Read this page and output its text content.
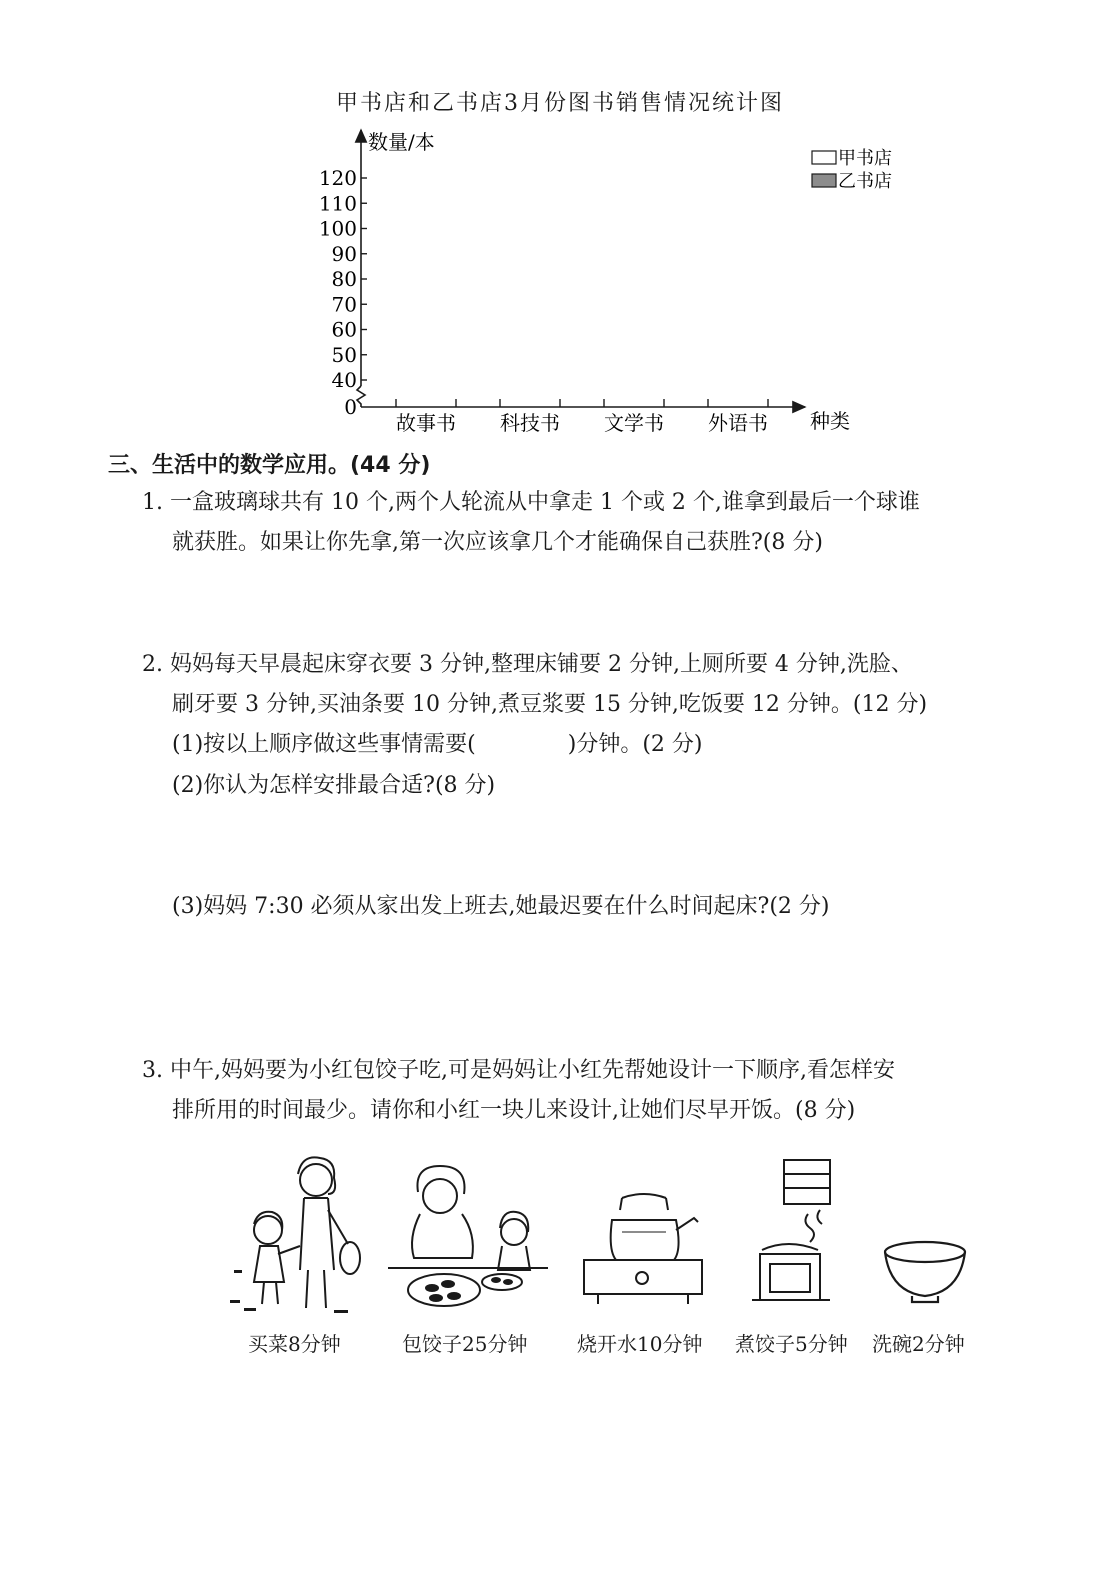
甲书店和乙书店3月份图书销售情况统计图
0
40
50
60
70
80
90
100
110
120
故事书 科技书 文学书 外语书
数量/本
种类
甲书店
乙书店
三、生活中的数学应用。(44 分)
1. 一盒玻璃球共有 10 个,两个人轮流从中拿走 1 个或 2 个,谁拿到最后一个球谁
就获胜。如果让你先拿,第一次应该拿几个才能确保自己获胜?(8 分)
2. 妈妈每天早晨起床穿衣要 3 分钟,整理床铺要 2 分钟,上厕所要 4 分钟,洗脸、
刷牙要 3 分钟,买油条要 10 分钟,煮豆浆要 15 分钟,吃饭要 12 分钟。(12 分)
(1)按以上顺序做这些事情需要(	)分钟。(2 分)
(2)你认为怎样安排最合适?(8 分)
(3)妈妈 7:30 必须从家出发上班去,她最迟要在什么时间起床?(2 分)
3. 中午,妈妈要为小红包饺子吃,可是妈妈让小红先帮她设计一下顺序,看怎样安
排所用的时间最少。请你和小红一块儿来设计,让她们尽早开饭。(8 分)
买菜8分钟	包饺子25分钟 烧开水10分钟 煮饺子5分钟 洗碗2分钟
